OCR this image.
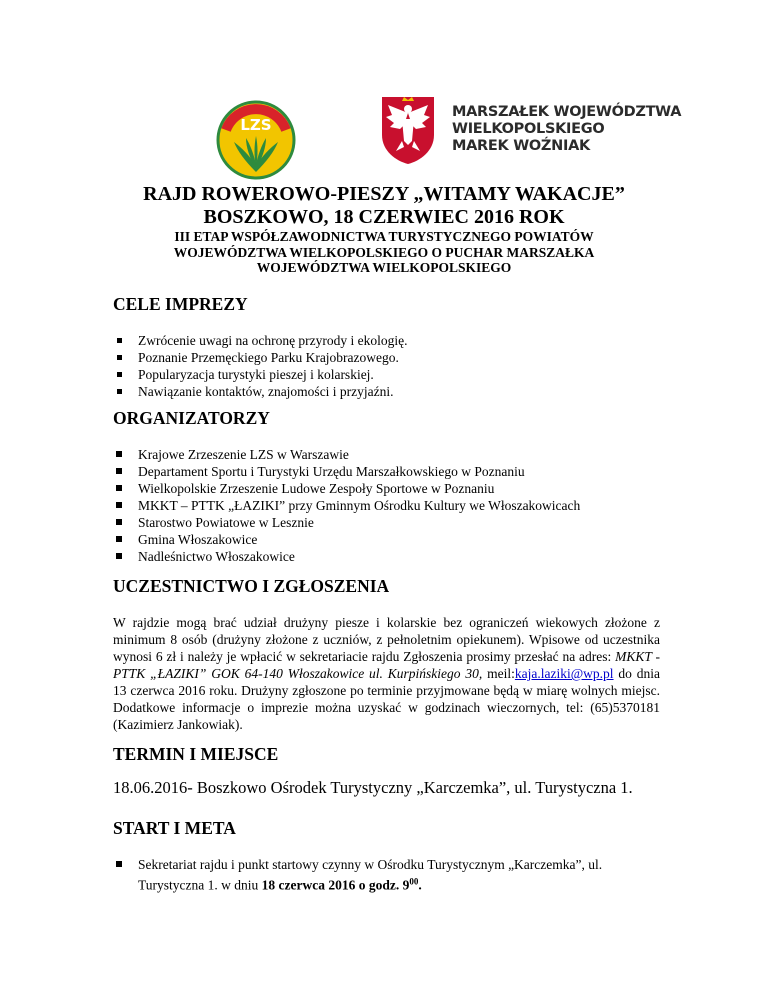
LZS
MARSZAŁEK WOJEWÓDZTWA
WIELKOPOLSKIEGO
MAREK WOŹNIAK
RAJD ROWEROWO-PIESZY „WITAMY WAKACJE”
BOSZKOWO, 18 CZERWIEC 2016 ROK
III ETAP WSPÓŁZAWODNICTWA TURYSTYCZNEGO POWIATÓW
WOJEWÓDZTWA WIELKOPOLSKIEGO O PUCHAR MARSZAŁKA
WOJEWÓDZTWA WIELKOPOLSKIEGO
CELE IMPREZY
Zwrócenie uwagi na ochronę przyrody i ekologię.
Poznanie Przemęckiego Parku Krajobrazowego.
Popularyzacja turystyki pieszej i kolarskiej.
Nawiązanie kontaktów, znajomości i przyjaźni.
ORGANIZATORZY
Krajowe Zrzeszenie LZS w Warszawie
Departament Sportu i Turystyki Urzędu Marszałkowskiego w Poznaniu
Wielkopolskie Zrzeszenie Ludowe Zespoły Sportowe w Poznaniu
MKKT – PTTK „ŁAZIKI” przy Gminnym Ośrodku Kultury we Włoszakowicach
Starostwo Powiatowe w Lesznie
Gmina Włoszakowice
Nadleśnictwo Włoszakowice
UCZESTNICTWO I ZGŁOSZENIA
W rajdzie mogą brać udział drużyny piesze i kolarskie bez ograniczeń wiekowych złożone z minimum 8 osób (drużyny złożone z uczniów, z pełnoletnim opiekunem). Wpisowe od uczestnika wynosi 6 zł i należy je wpłacić w sekretariacie rajdu Zgłoszenia prosimy przesłać na adres: MKKT - PTTK „ŁAZIKI” GOK 64-140 Włoszakowice ul. Kurpińskiego 30, meil:kaja.laziki@wp.pl do dnia 13 czerwca 2016 roku. Drużyny zgłoszone po terminie przyjmowane będą w miarę wolnych miejsc. Dodatkowe informacje o imprezie można uzyskać w godzinach wieczornych, tel: (65)5370181 (Kazimierz Jankowiak).
TERMIN I MIEJSCE
18.06.2016- Boszkowo Ośrodek Turystyczny „Karczemka”, ul. Turystyczna 1.
START I META
Sekretariat rajdu i punkt startowy czynny w Ośrodku Turystycznym „Karczemka”, ul. Turystyczna 1. w dniu 18 czerwca 2016 o godz. $9^{00}$.
